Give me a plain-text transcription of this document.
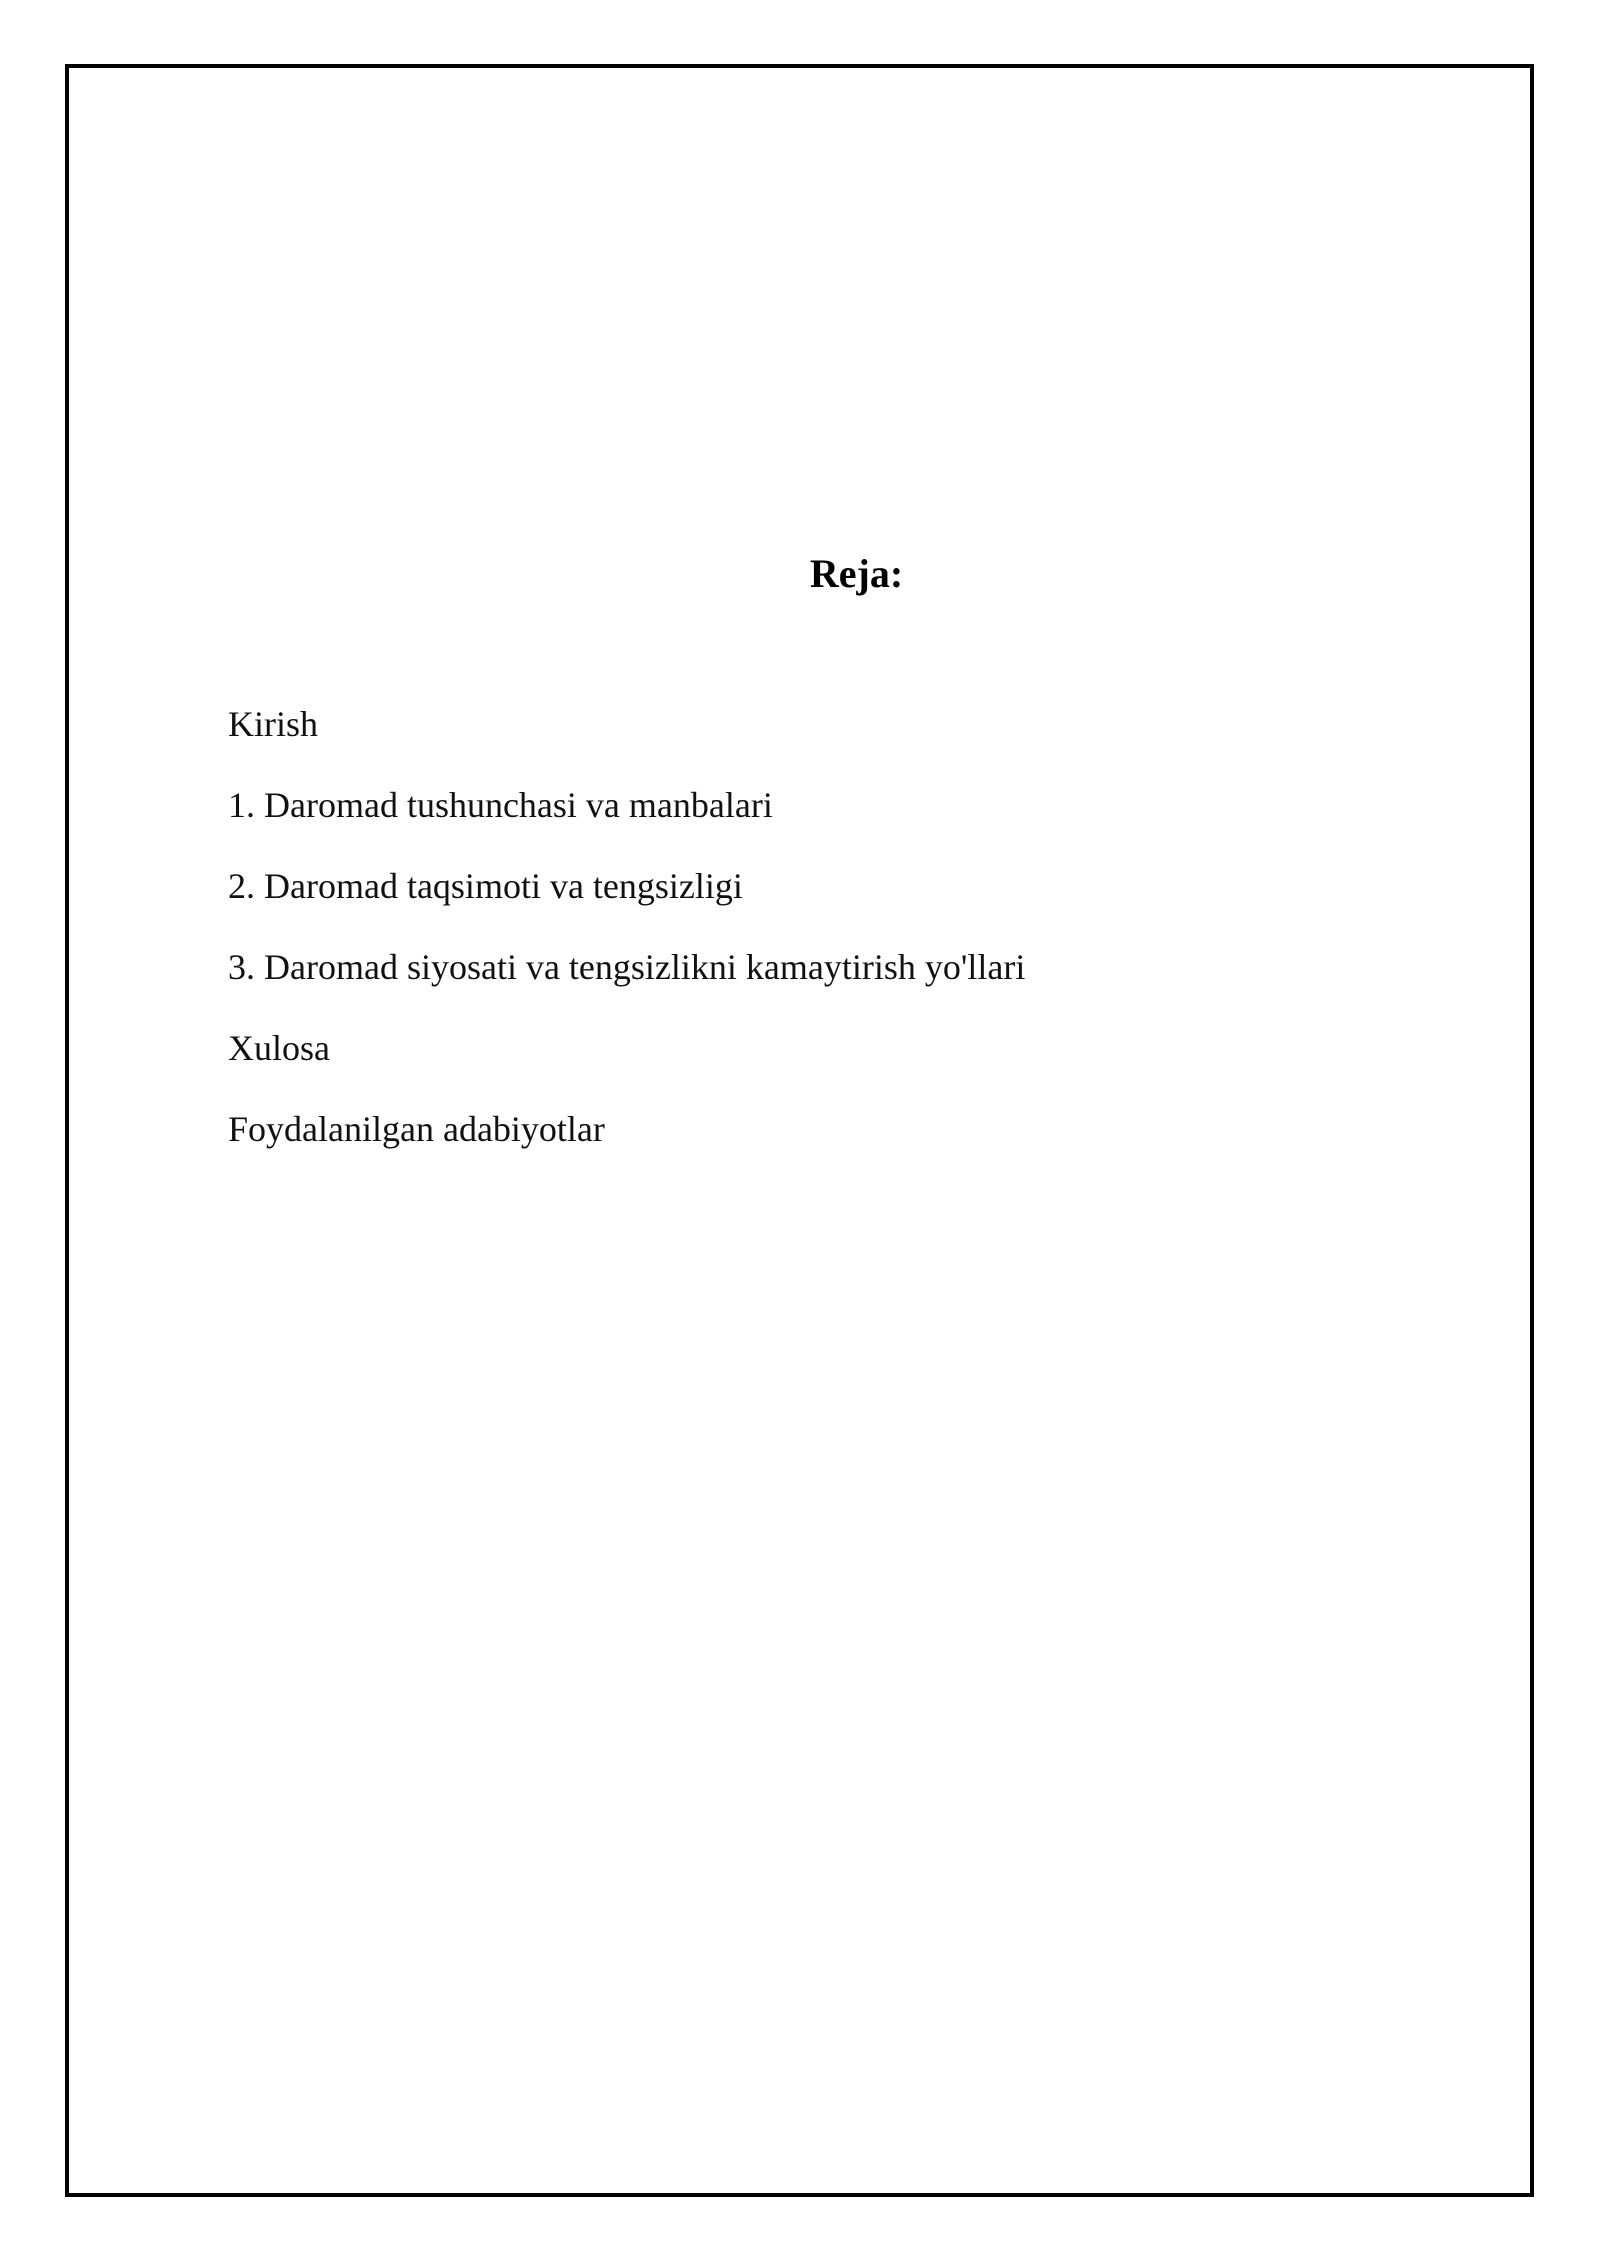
Reja:
Kirish
1. Daromad tushunchasi va manbalari
2. Daromad taqsimoti va tengsizligi
3. Daromad siyosati va tengsizlikni kamaytirish yo'llari
Xulosa
Foydalanilgan adabiyotlar
